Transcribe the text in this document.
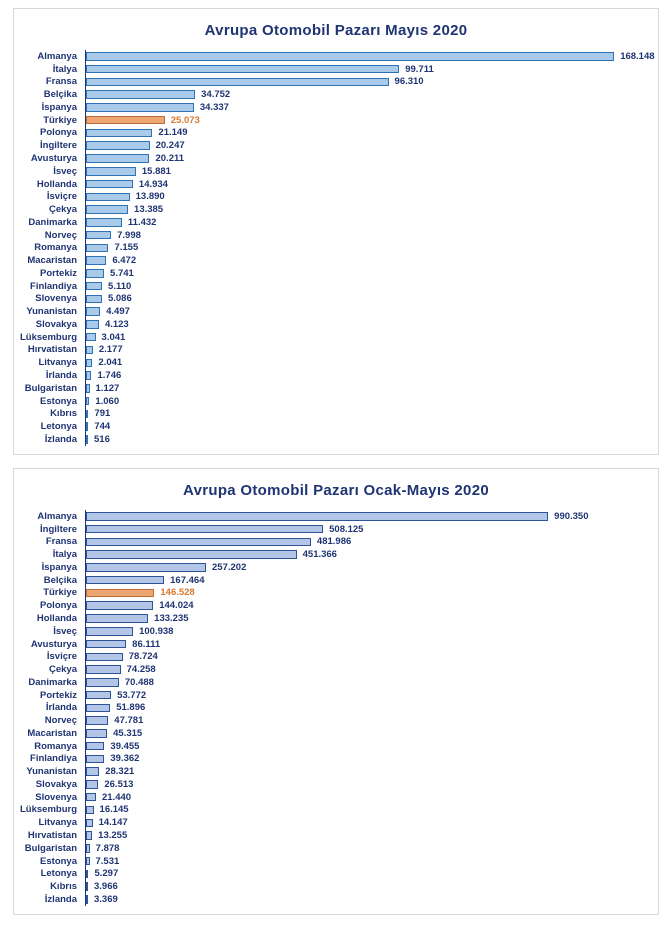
Avrupa Otomobil Pazarı Mayıs 2020
Almanya	168.148
İtalya	99.711
Fransa	96.310
Belçika	34.752
İspanya	34.337
Türkiye	25.073
Polonya	21.149
İngiltere	20.247
Avusturya	20.211
İsveç	15.881
Hollanda	14.934
İsviçre	13.890
Çekya	13.385
Danimarka	11.432
Norveç	7.998
Romanya	7.155
Macaristan	6.472
Portekiz	5.741
Finlandiya	5.110
Slovenya	5.086
Yunanistan	4.497
Slovakya	4.123
Lüksemburg	3.041
Hırvatistan	2.177
Litvanya	2.041
İrlanda	1.746
Bulgaristan	1.127
Estonya	1.060
Kıbrıs	791
Letonya	744
İzlanda	516
Avrupa Otomobil Pazarı Ocak-Mayıs 2020
Almanya	990.350
İngiltere	508.125
Fransa	481.986
İtalya	451.366
İspanya	257.202
Belçika	167.464
Türkiye	146.528
Polonya	144.024
Hollanda	133.235
İsveç	100.938
Avusturya	86.111
İsviçre	78.724
Çekya	74.258
Danimarka	70.488
Portekiz	53.772
İrlanda	51.896
Norveç	47.781
Macaristan	45.315
Romanya	39.455
Finlandiya	39.362
Yunanistan	28.321
Slovakya	26.513
Slovenya	21.440
Lüksemburg	16.145
Litvanya	14.147
Hırvatistan	13.255
Bulgaristan	7.878
Estonya	7.531
Letonya	5.297
Kıbrıs	3.966
İzlanda	3.369
